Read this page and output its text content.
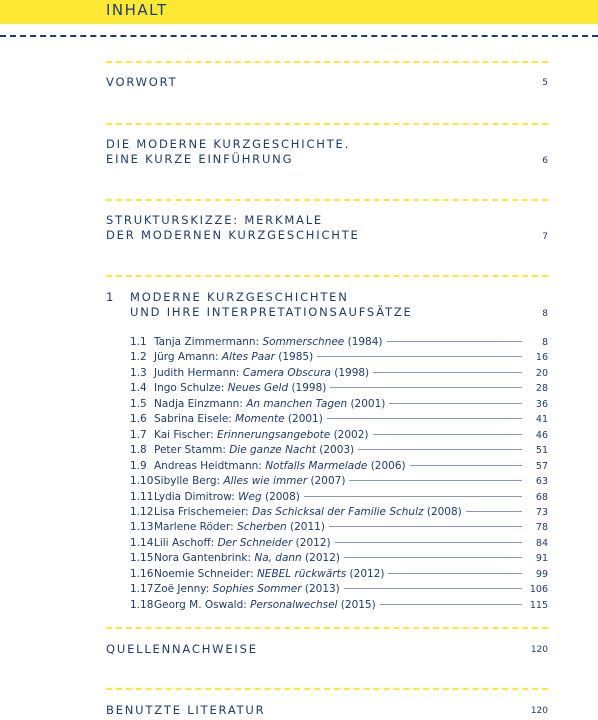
INHALT
VORWORT	5
DIE MODERNE KURZGESCHICHTE.
EINE KURZE EINFÜHRUNG	6
STRUKTURSKIZZE: MERKMALE
DER MODERNEN KURZGESCHICHTE	7
1 MODERNE KURZGESCHICHTEN
UND IHRE INTERPRETATIONSAUFSÄTZE	8
1.1 Tanja Zimmermann: Sommerschnee (1984)	8
1.2 Jürg Amann: Altes Paar (1985)	16
1.3 Judith Hermann: Camera Obscura (1998)	20
1.4 Ingo Schulze: Neues Geld (1998)	28
1.5 Nadja Einzmann: An manchen Tagen (2001)	36
1.6 Sabrina Eisele: Momente (2001)	41
1.7 Kai Fischer: Erinnerungsangebote (2002)	46
1.8 Peter Stamm: Die ganze Nacht (2003)	51
1.9 Andreas Heidtmann: Notfalls Marmelade (2006)	57
1.10 Sibylle Berg: Alles wie immer (2007)	63
1.11 Lydia Dimitrow: Weg (2008)	68
1.12 Lisa Frischemeier: Das Schicksal der Familie Schulz (2008)	73
1.13 Marlene Röder: Scherben (2011)	78
1.14 Lili Aschoff: Der Schneider (2012)	84
1.15 Nora Gantenbrink: Na, dann (2012)	91
1.16 Noemie Schneider: NEBEL rückwärts (2012)	99
1.17 Zoë Jenny: Sophies Sommer (2013)	106
1.18 Georg M. Oswald: Personalwechsel (2015)	115
QUELLENNACHWEISE	120
BENUTZTE LITERATUR	120
